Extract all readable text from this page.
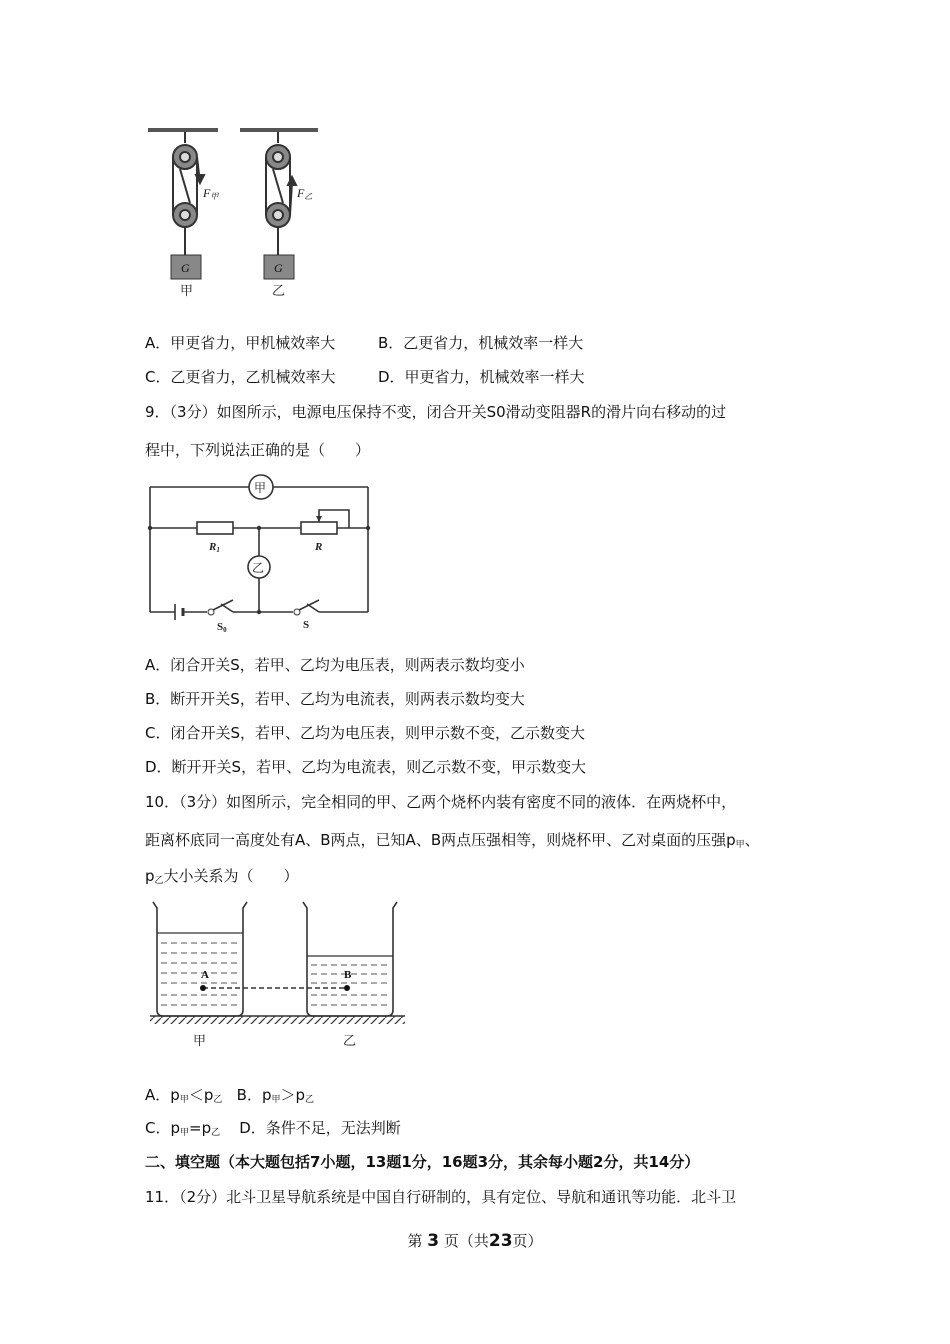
G
F甲
甲
G
F乙
乙
A．甲更省力，甲机械效率大	B．乙更省力，机械效率一样大
C．乙更省力，乙机械效率大	D．甲更省力，机械效率一样大
9．（3分）如图所示，电源电压保持不变，闭合开关S0滑动变阻器R的滑片向右移动的过
程中，下列说法正确的是（　　）
S0	S
R1	R
甲
乙
A．闭合开关S，若甲、乙均为电压表，则两表示数均变小
B．断开开关S，若甲、乙均为电流表，则两表示数均变大
C．闭合开关S，若甲、乙均为电压表，则甲示数不变，乙示数变大
D．断开开关S，若甲、乙均为电流表，则乙示数不变，甲示数变大
10．（3分）如图所示，完全相同的甲、乙两个烧杯内装有密度不同的液体．在两烧杯中，
距离杯底同一高度处有A、B两点，已知A、B两点压强相等，则烧杯甲、乙对桌面的压强$p_甲$、
$p_乙$大小关系为（　　）
A	B
甲	乙
A．$p_甲<p_乙$ B．$p_甲>p_乙$
C．$p_甲=p_乙$ D．条件不足，无法判断
二、填空题（本大题包括7小题，13题1分，16题3分，其余每小题2分，共14分）
11．（2分）北斗卫星导航系统是中国自行研制的，具有定位、导航和通讯等功能．北斗卫
第 3 页（共23页）
